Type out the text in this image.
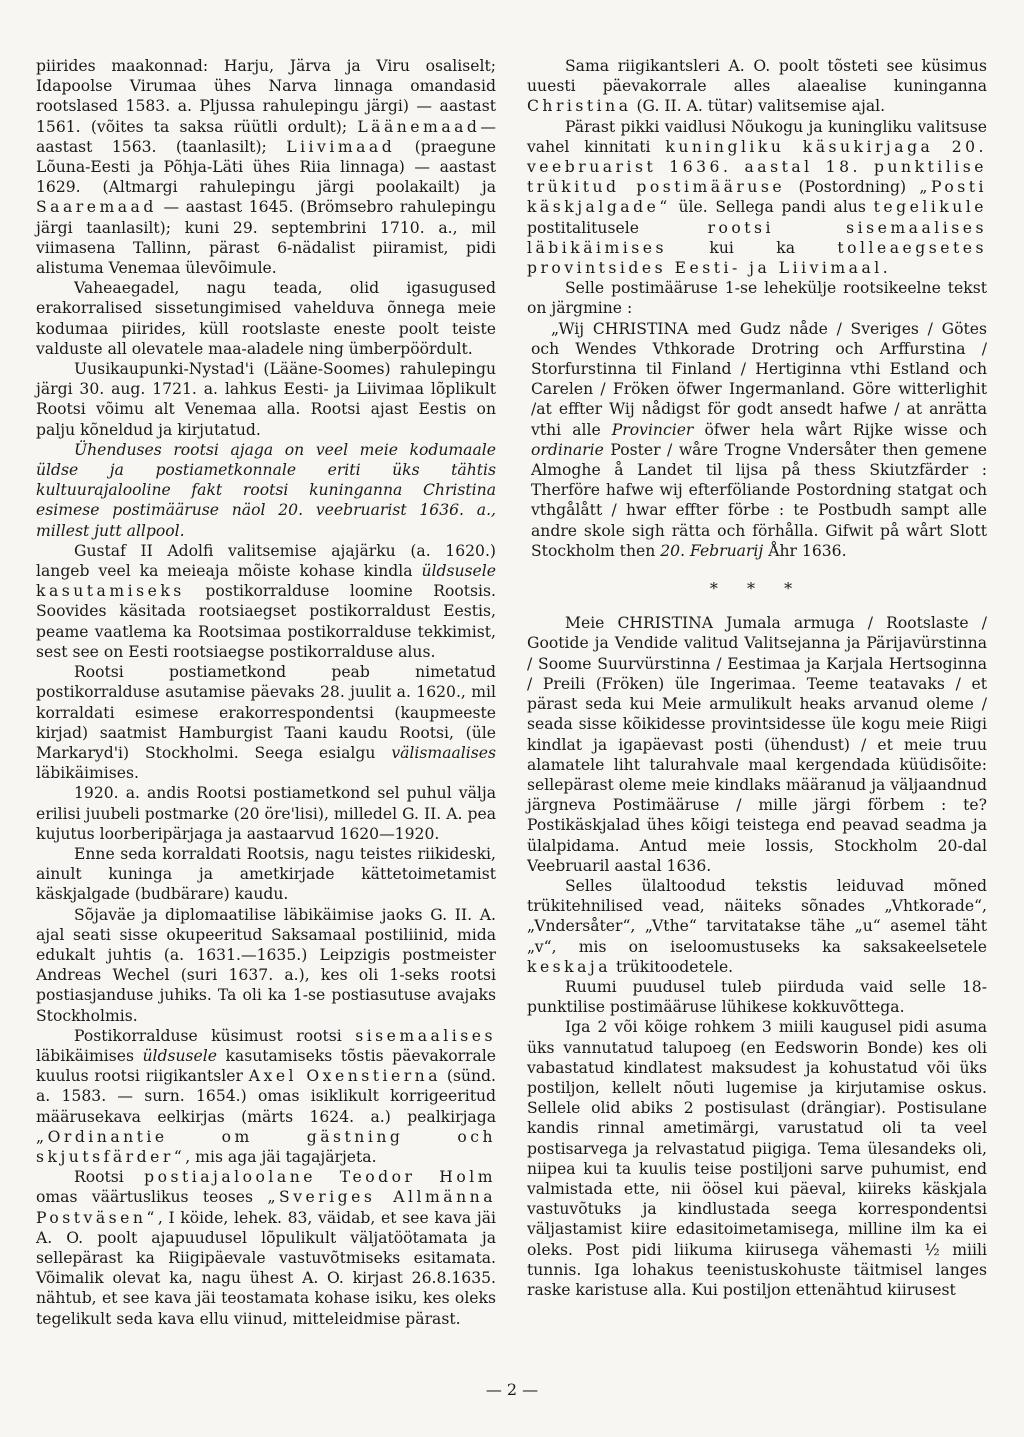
piirides maakonnad: Harju, Järva ja Viru osaliselt; Idapoolse Virumaa ühes Narva linnaga omandasid rootslased 1583. a. Pljussa rahulepingu järgi) — aastast 1561. (võites ta saksa rüütli ordult); Läänemaad—aastast 1563. (taanlasilt); Liivimaad (praegune Lõuna-Eesti ja Põhja-Läti ühes Riia linnaga) — aastast 1629. (Altmargi rahulepingu järgi poolakailt) ja Saaremaad — aastast 1645. (Brömsebro rahulepingu järgi taanlasilt); kuni 29. septembrini 1710. a., mil viimasena Tallinn, pärast 6-nädalist piiramist, pidi alistuma Venemaa ülevõimule.

Vaheaegadel, nagu teada, olid igasugused erakorralised sissetungimised vahelduva õnnega meie kodumaa piirides, küll rootslaste eneste poolt teiste valduste all olevatele maa-aladele ning ümberpöördult.

Uusikaupunki-Nystad'i (Lääne-Soomes) rahulepingu järgi 30. aug. 1721. a. lahkus Eesti- ja Liivimaa lõplikult Rootsi võimu alt Venemaa alla. Rootsi ajast Eestis on palju kõneldud ja kirjutatud.

Ühenduses rootsi ajaga on veel meie kodumaale üldse ja postiametkonnale eriti üks tähtis kultuurajalooline fakt rootsi kuninganna Christina esimese postimääruse näol 20. veebruarist 1636. a., millest jutt allpool.

Gustaf II Adolfi valitsemise ajajärku (a. 1620.) langeb veel ka meieaja mõiste kohase kindla üldsusele kasutamiseks postikorralduse loomine Rootsis. Soovides käsitada rootsiaegset postikorraldust Eestis, peame vaatlema ka Rootsimaa postikorralduse tekkimist, sest see on Eesti rootsiaegse postikorralduse alus.

Rootsi postiametkond peab nimetatud postikorralduse asutamise päevaks 28. juulit a. 1620., mil korraldati esimese erakorrespondentsi (kaupmeeste kirjad) saatmist Hamburgist Taani kaudu Rootsi, (üle Markaryd'i) Stockholmi. Seega esialgu välismaalises läbikäimises.

1920. a. andis Rootsi postiametkond sel puhul välja erilisi juubeli postmarke (20 öre'lisi), milledel G. II. A. pea kujutus loorberipärjaga ja aastaarvud 1620—1920.

Enne seda korraldati Rootsis, nagu teistes riikideski, ainult kuninga ja ametkirjade kättetoimetamist käskjalgade (budbärare) kaudu.

Sõjaväe ja diplomaatilise läbikäimise jaoks G. II. A. ajal seati sisse okupeeritud Saksamaal postiliinid, mida edukalt juhtis (a. 1631.—1635.) Leipzigis postmeister Andreas Wechel (suri 1637. a.), kes oli 1-seks rootsi postiasjanduse juhiks. Ta oli ka 1-se postiasutuse avajaks Stockholmis.

Postikorralduse küsimust rootsi sisemaalises läbikäimises üldsusele kasutamiseks tõstis päevakorrale kuulus rootsi riigikantsler Axel Oxenstierna (sünd. a. 1583. — surn. 1654.) omas isiklikult korrigeeritud määrusekava eelkirjas (märts 1624. a.) pealkirjaga „Ordinantie om gästning och skjutsfärder“, mis aga jäi tagajärjeta.

Rootsi postiajaloolane Teodor Holm omas väärtuslikus teoses „Sveriges Allmänna Postväsen“, I köide, lehek. 83, väidab, et see kava jäi A. O. poolt ajapuudusel lõpulikult väljatöötamata ja sellepärast ka Riigipäevale vastuvõtmiseks esitamata. Võimalik olevat ka, nagu ühest A. O. kirjast 26.8.1635. nähtub, et see kava jäi teostamata kohase isiku, kes oleks tegelikult seda kava ellu viinud, mitteleidmise pärast.

Sama riigikantsleri A. O. poolt tõsteti see küsimus uuesti päevakorrale alles alaealise kuninganna Christina (G. II. A. tütar) valitsemise ajal.

Pärast pikki vaidlusi Nõukogu ja kuningliku valitsuse vahel kinnitati kuningliku käsukirjaga 20. veebruarist 1636. aastal 18. punktilise trükitud postimääruse (Postordning) „Posti käskjalgade“ üle. Sellega pandi alus tegelikule postitalitusele rootsi sisemaalises läbikäimises kui ka tolleaegsetes provintsides Eesti- ja Liivimaal.

Selle postimääruse 1-se lehekülje rootsikeelne tekst on järgmine :

„Wij CHRISTINA med Gudz nåde / Sveriges / Götes och Wendes Vthkorade Drotring och Arffurstina / Storfurstinna til Finland / Hertiginna vthi Estland och Carelen / Fröken öfwer Ingermanland. Göre witterlighit /at effter Wij nådigst för godt ansedt hafwe / at anrätta vthi alle Provincier öfwer hela wårt Rijke wisse och ordinarie Poster / wåre Trogne Vndersåter then gemene Almoghe å Landet til lijsa på thess Skiutzfärder : Therföre hafwe wij efterföliande Postordning statgat och vthgålått / hwar effter förbe : te Postbudh sampt alle andre skole sigh rätta och förhålla. Gifwit på wårt Slott Stockholm then 20. Februarij Åhr 1636.

* * *

Meie CHRISTINA Jumala armuga / Rootslaste / Gootide ja Vendide valitud Valitsejanna ja Pärijavürstinna / Soome Suurvürstinna / Eestimaa ja Karjala Hertsoginna / Preili (Fröken) üle Ingerimaa. Teeme teatavaks / et pärast seda kui Meie armulikult heaks arvanud oleme / seada sisse kõikidesse provintsidesse üle kogu meie Riigi kindlat ja igapäevast posti (ühendust) / et meie truu alamatele liht talurahvale maal kergendada küüdisõite: sellepärast oleme meie kindlaks määranud ja väljaandnud järgneva Postimääruse / mille järgi förbem : te? Postikäskjalad ühes kõigi teistega end peavad seadma ja ülalpidama. Antud meie lossis, Stockholm 20-dal Veebruaril aastal 1636.

Selles ülaltoodud tekstis leiduvad mõned trükitehnilised vead, näiteks sõnades „Vhtkorade“, „Vndersåter“, „Vthe“ tarvitatakse tähe „u“ asemel täht „v“, mis on iseloomustuseks ka saksakeelsetele keskaja trükitoodetele.

Ruumi puudusel tuleb piirduda vaid selle 18-punktilise postimääruse lühikese kokkuvõttega.

Iga 2 või kõige rohkem 3 miili kaugusel pidi asuma üks vannutatud talupoeg (en Eedsworin Bonde) kes oli vabastatud kindlatest maksudest ja kohustatud või üks postiljon, kellelt nõuti lugemise ja kirjutamise oskus. Sellele olid abiks 2 postisulast (drängiar). Postisulane kandis rinnal ametimärgi, varustatud oli ta veel postisarvega ja relvastatud piigiga. Tema ülesandeks oli, niipea kui ta kuulis teise postiljoni sarve puhumist, end valmistada ette, nii öösel kui päeval, kiireks käskjala vastuvõtuks ja kindlustada seega korrespondentsi väljastamist kiire edasitoimetamisega, milline ilm ka ei oleks. Post pidi liikuma kiirusega vähemasti ½ miili tunnis. Iga lohakus teenistuskohuste täitmisel langes raske karistuse alla. Kui postiljon ettenähtud kiirusest

— 2 —
